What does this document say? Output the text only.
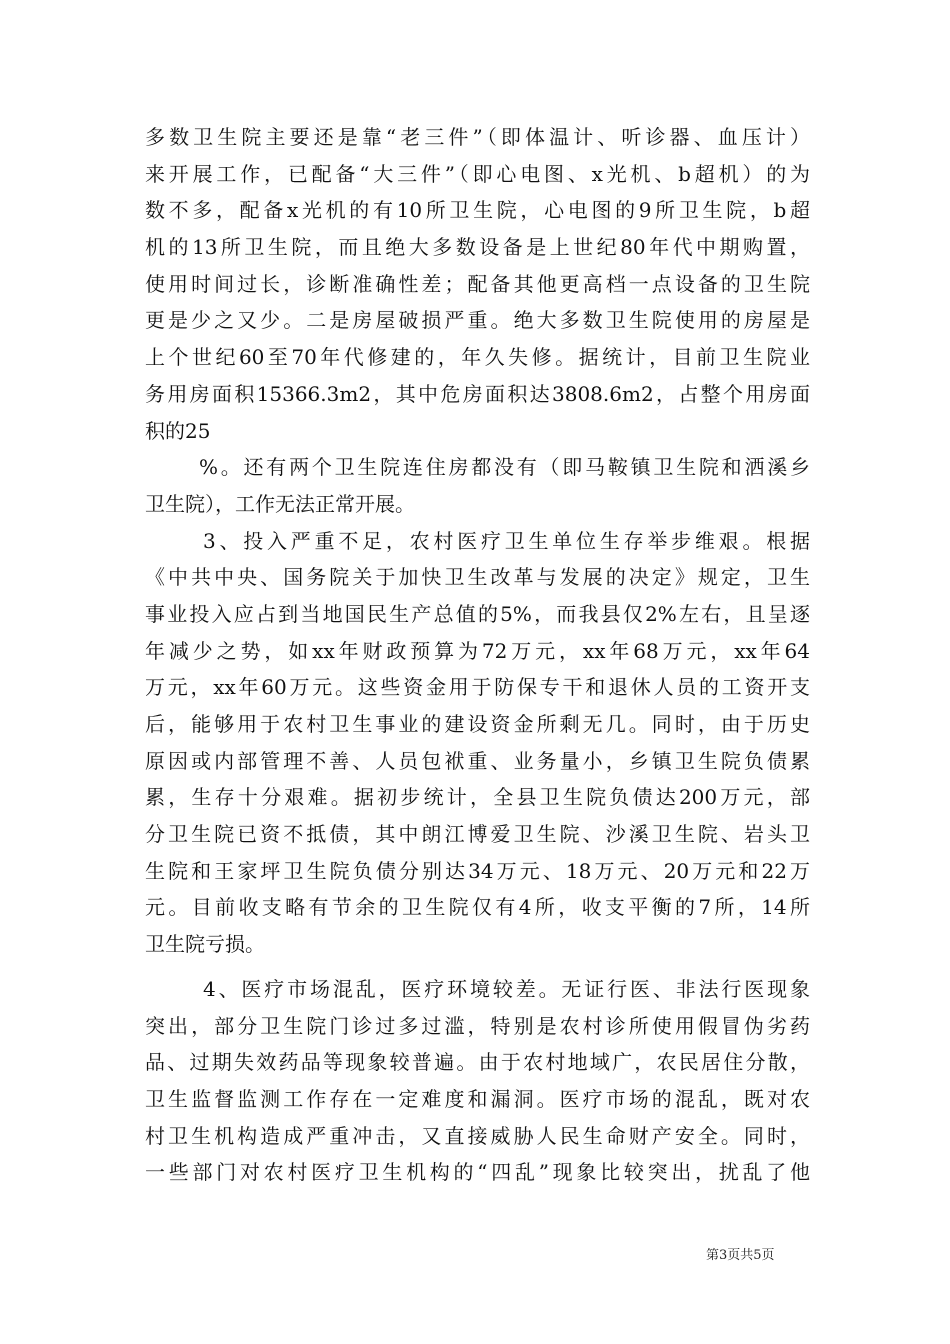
多数卫生院主要还是靠“老三件”（即体温计、听诊器、血压计）
来开展工作，已配备“大三件”（即心电图、x光机、b超机）的为
数不多，配备x光机的有10所卫生院，心电图的9所卫生院，b超
机的13所卫生院，而且绝大多数设备是上世纪80年代中期购置，
使用时间过长，诊断准确性差；配备其他更高档一点设备的卫生院
更是少之又少。二是房屋破损严重。绝大多数卫生院使用的房屋是
上个世纪60至70年代修建的，年久失修。据统计，目前卫生院业
务用房面积15366.3m2，其中危房面积达3808.6m2，占整个用房面
积的25
%。还有两个卫生院连住房都没有（即马鞍镇卫生院和洒溪乡
卫生院），工作无法正常开展。
3、投入严重不足，农村医疗卫生单位生存举步维艰。根据
《中共中央、国务院关于加快卫生改革与发展的决定》规定，卫生
事业投入应占到当地国民生产总值的5%，而我县仅2%左右，且呈逐
年减少之势，如xx年财政预算为72万元，xx年68万元，xx年64
万元，xx年60万元。这些资金用于防保专干和退休人员的工资开支
后，能够用于农村卫生事业的建设资金所剩无几。同时，由于历史
原因或内部管理不善、人员包袱重、业务量小，乡镇卫生院负债累
累，生存十分艰难。据初步统计，全县卫生院负债达200万元，部
分卫生院已资不抵债，其中朗江博爱卫生院、沙溪卫生院、岩头卫
生院和王家坪卫生院负债分别达34万元、18万元、20万元和22万
元。目前收支略有节余的卫生院仅有4所，收支平衡的7所，14所
卫生院亏损。
4、医疗市场混乱，医疗环境较差。无证行医、非法行医现象
突出，部分卫生院门诊过多过滥，特别是农村诊所使用假冒伪劣药
品、过期失效药品等现象较普遍。由于农村地域广，农民居住分散，
卫生监督监测工作存在一定难度和漏洞。医疗市场的混乱，既对农
村卫生机构造成严重冲击，又直接威胁人民生命财产安全。同时，
一些部门对农村医疗卫生机构的“四乱”现象比较突出，扰乱了他
第3页共5页
